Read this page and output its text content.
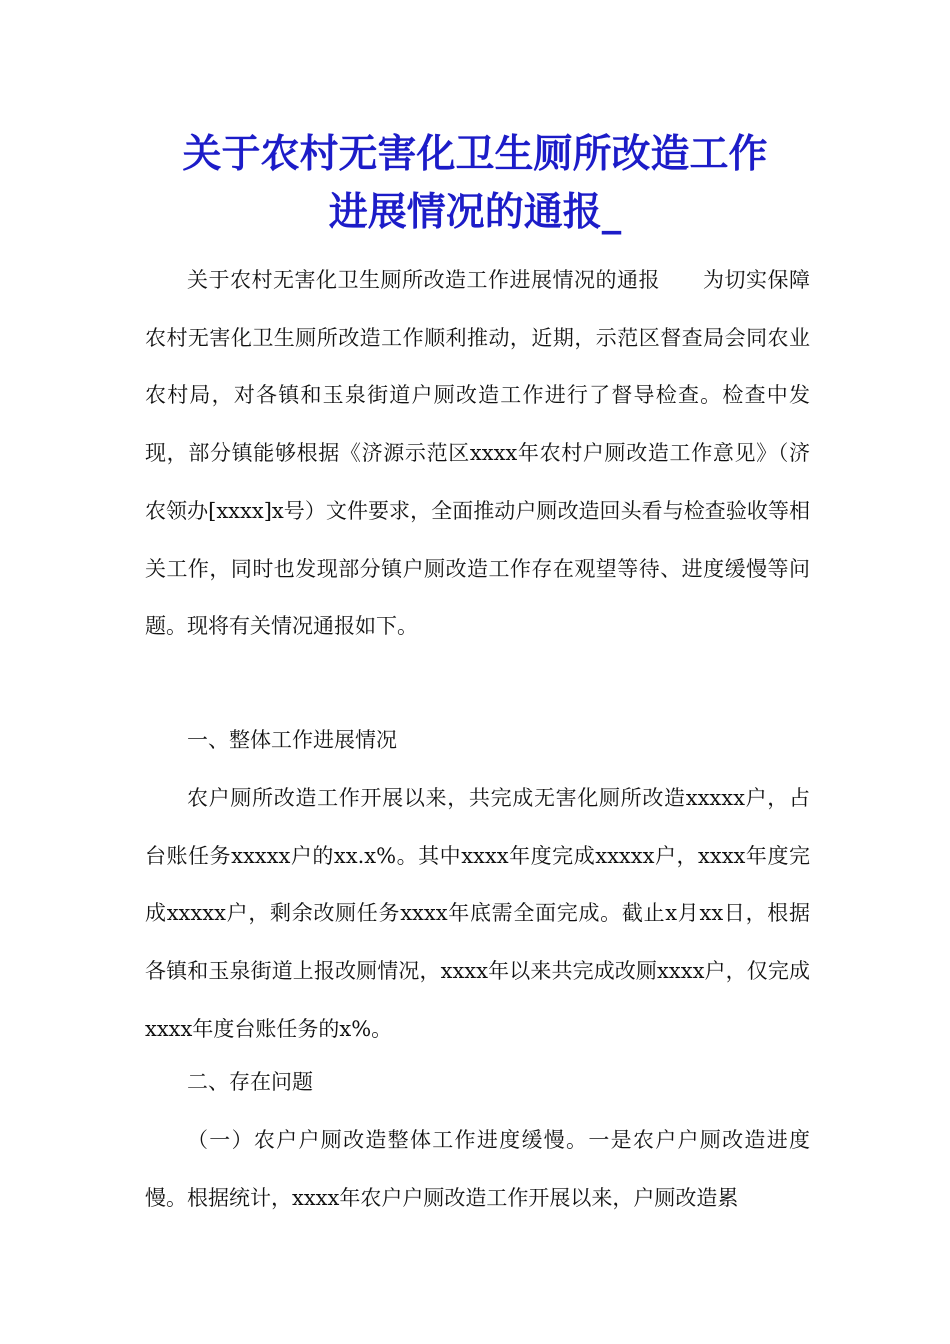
关于农村无害化卫生厕所改造工作
进展情况的通报_

关于农村无害化卫生厕所改造工作进展情况的通报　　为切实保障农村无害化卫生厕所改造工作顺利推动，近期，示范区督查局会同农业农村局，对各镇和玉泉街道户厕改造工作进行了督导检查。检查中发现，部分镇能够根据《济源示范区xxxx年农村户厕改造工作意见》（济农领办[xxxx]x号）文件要求，全面推动户厕改造回头看与检查验收等相关工作，同时也发现部分镇户厕改造工作存在观望等待、进度缓慢等问题。现将有关情况通报如下。

一、整体工作进展情况

农户厕所改造工作开展以来，共完成无害化厕所改造xxxxx户，占台账任务xxxxx户的xx.x%。其中xxxx年度完成xxxxx户，xxxx年度完成xxxxx户，剩余改厕任务xxxx年底需全面完成。截止x月xx日，根据各镇和玉泉街道上报改厕情况，xxxx年以来共完成改厕xxxx户，仅完成xxxx年度台账任务的x%。

二、存在问题

（一）农户户厕改造整体工作进度缓慢。一是农户户厕改造进度慢。根据统计，xxxx年农户户厕改造工作开展以来，户厕改造累
